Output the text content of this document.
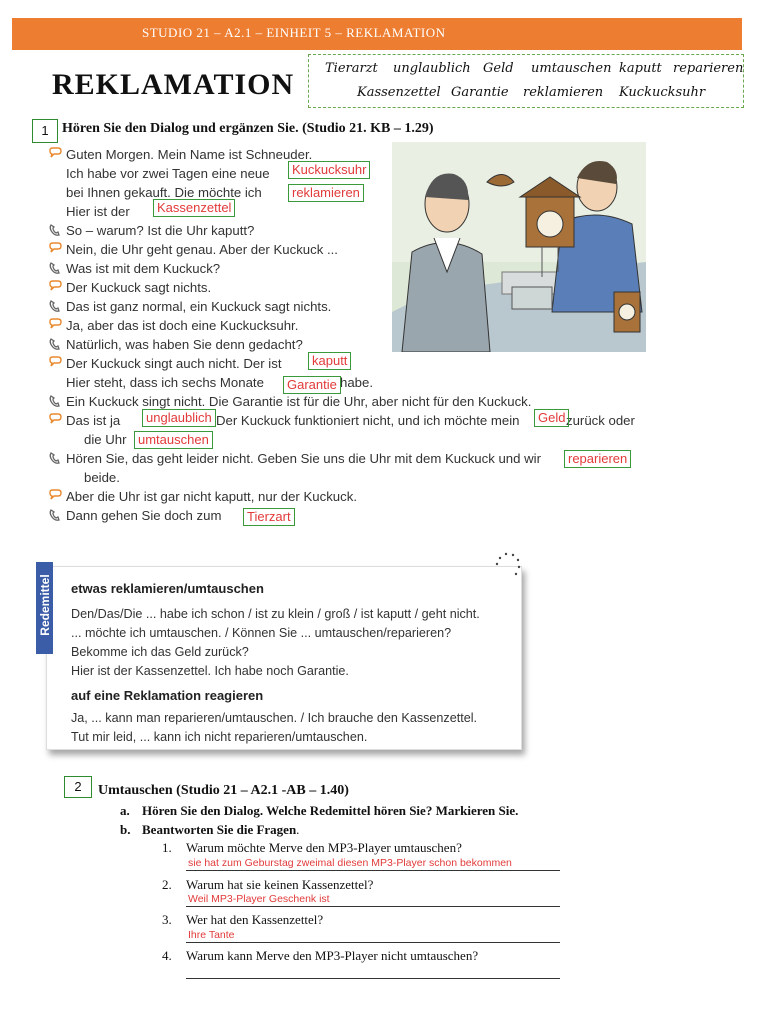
STUDIO 21 – A2.1 – EINHEIT 5 – REKLAMATION
REKLAMATION Tierarzt unglaublich Geld umtauschen kaputt reparieren
Kassenzettel Garantie reklamieren Kuckucksuhr
1 Hören Sie den Dialog und ergänzen Sie. (Studio 21. KB – 1.29)
Guten Morgen. Mein Name ist Schneuder.
Ich habe vor zwei Tagen eine neue
bei Ihnen gekauft. Die möchte ich
Hier ist der
So – warum? Ist die Uhr kaputt?
Nein, die Uhr geht genau. Aber der Kuckuck ...
Was ist mit dem Kuckuck?
Der Kuckuck sagt nichts.
Das ist ganz normal, ein Kuckuck sagt nichts.
Ja, aber das ist doch eine Kuckucksuhr.
Natürlich, was haben Sie denn gedacht?
Der Kuckuck singt auch nicht. Der ist
Hier steht, dass ich sechs Monate	habe.
Ein Kuckuck singt nicht. Die Garantie ist für die Uhr, aber nicht für den Kuckuck.
Das ist ja	Der Kuckuck funktioniert nicht, und ich möchte mein	zurück oder
die Uhr
Hören Sie, das geht leider nicht. Geben Sie uns die Uhr mit dem Kuckuck und wir
beide.
Aber die Uhr ist gar nicht kaputt, nur der Kuckuck.
Dann gehen Sie doch zum
Kuckucksuhr
reklamieren
Kassenzettel
kaputt
Garantie
unglaublich	Geld
umtauschen
reparieren
Tierzart
etwas reklamieren/umtauschen
Den/Das/Die ... habe ich schon / ist zu klein / groß / ist kaputt / geht nicht.
... möchte ich umtauschen. / Können Sie ... umtauschen/reparieren?
Bekomme ich das Geld zurück?
Hier ist der Kassenzettel. Ich habe noch Garantie.
auf eine Reklamation reagieren
Ja, ... kann man reparieren/umtauschen. / Ich brauche den Kassenzettel.
Tut mir leid, ... kann ich nicht reparieren/umtauschen.
Redemittel
2	Umtauschen (Studio 21 – A2.1 -AB – 1.40)
a. Hören Sie den Dialog. Welche Redemittel hören Sie? Markieren Sie.
b. Beantworten Sie die Fragen.
1. Warum möchte Merve den MP3-Player umtauschen?
sie hat zum Geburstag zweimal diesen MP3-Player schon bekommen
2. Warum hat sie keinen Kassenzettel?
Weil MP3-Player Geschenk ist
3. Wer hat den Kassenzettel?
Ihre Tante
4. Warum kann Merve den MP3-Player nicht umtauschen?
